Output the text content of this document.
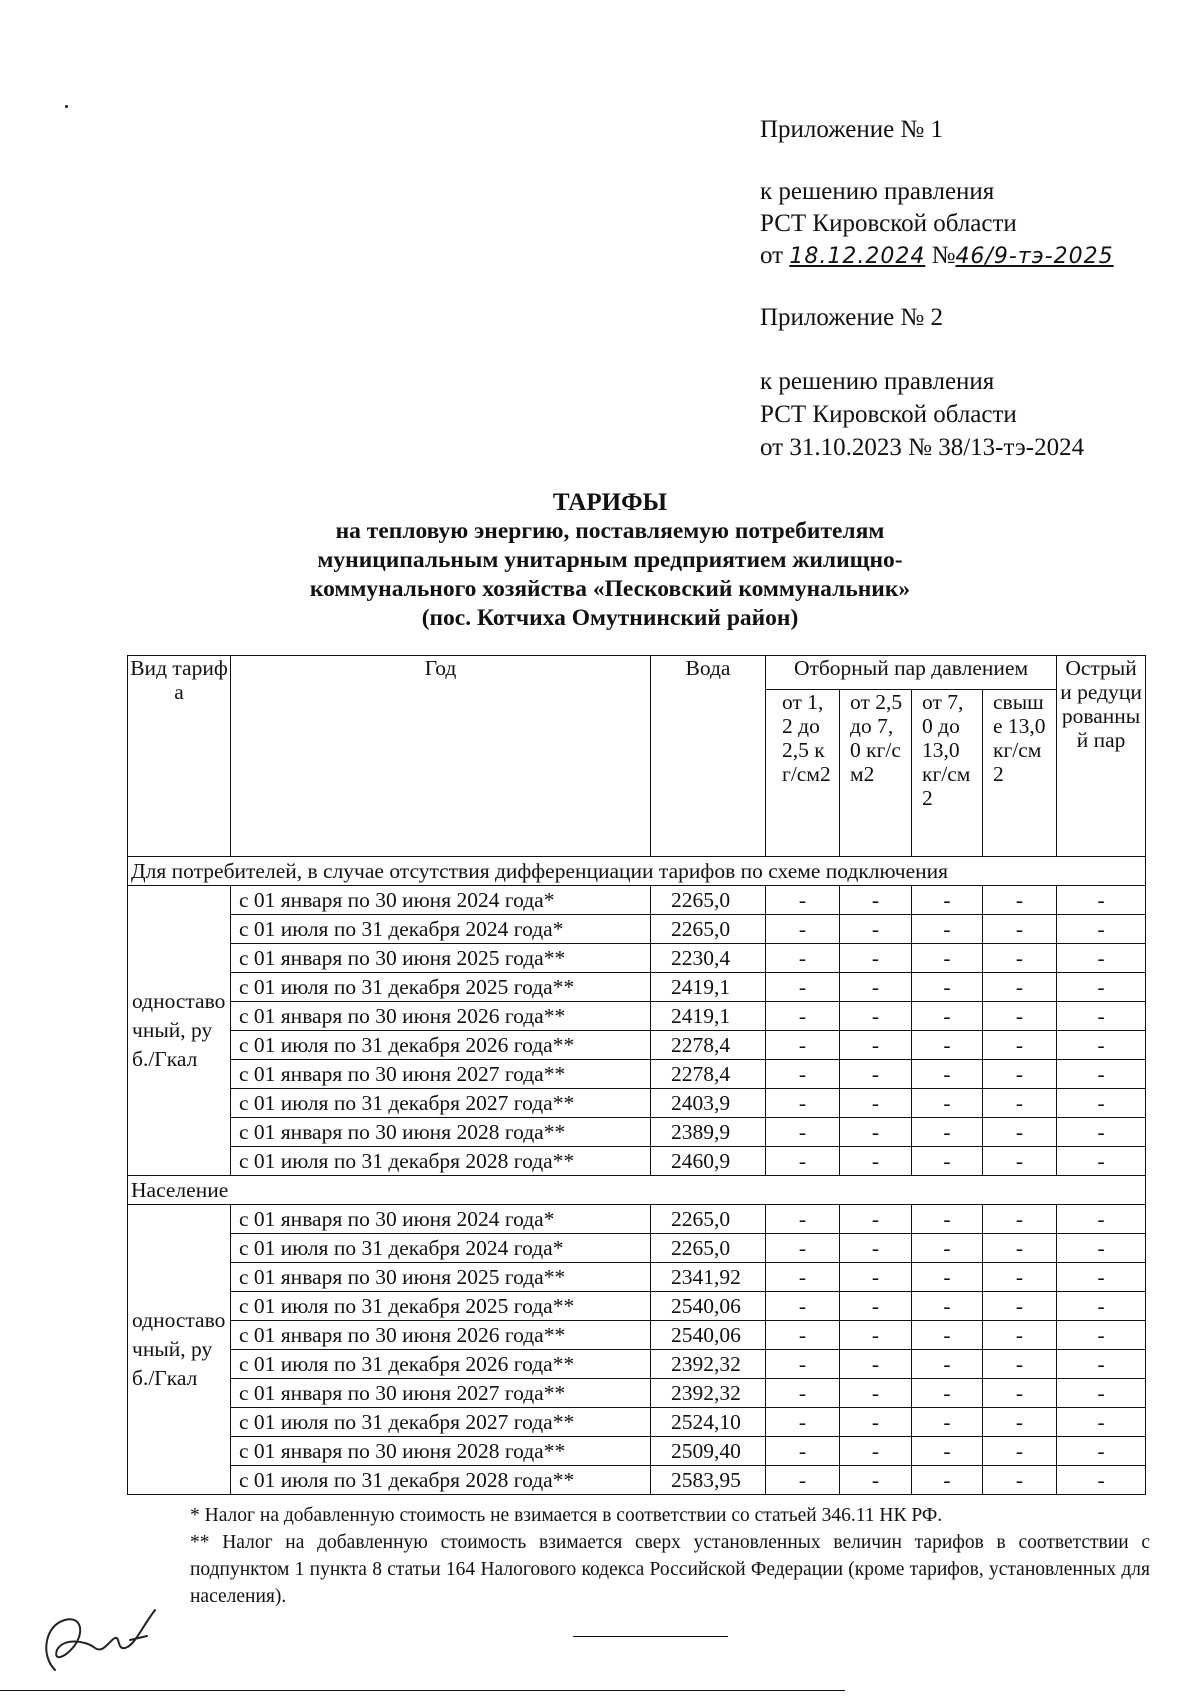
Приложение № 1
к решению правления
РСТ Кировской области
от 18.12.2024 №46/9-тэ-2025
Приложение № 2
к решению правления
РСТ Кировской области
от 31.10.2023 № 38/13-тэ-2024
ТАРИФЫ
на тепловую энергию, поставляемую потребителям
муниципальным унитарным предприятием жилищно-
коммунального хозяйства «Песковский коммунальник»
(пос. Котчиха Омутнинский район)
Вид тарифа	Год	Вода	Отборный пар давлением				Острый и редуцированный пар
			от 1,2 до 2,5 кг/см2	от 2,5 до 7,0 кг/см2	от 7,0 до 13,0 кг/см2	свыше 13,0 кг/см2	
Для потребителей, в случае отсутствия дифференциации тарифов по схеме подключения							
одноставочный, руб./Гкал	с 01 января по 30 июня 2024 года*	2265,0	-	-	-	-	-
	с 01 июля по 31 декабря 2024 года*	2265,0	-	-	-	-	-
	с 01 января по 30 июня 2025 года**	2230,4	-	-	-	-	-
	с 01 июля по 31 декабря 2025 года**	2419,1	-	-	-	-	-
	с 01 января по 30 июня 2026 года**	2419,1	-	-	-	-	-
	с 01 июля по 31 декабря 2026 года**	2278,4	-	-	-	-	-
	с 01 января по 30 июня 2027 года**	2278,4	-	-	-	-	-
	с 01 июля по 31 декабря 2027 года**	2403,9	-	-	-	-	-
	с 01 января по 30 июня 2028 года**	2389,9	-	-	-	-	-
	с 01 июля по 31 декабря 2028 года**	2460,9	-	-	-	-	-
Население							
одноставочный, руб./Гкал	с 01 января по 30 июня 2024 года*	2265,0	-	-	-	-	-
	с 01 июля по 31 декабря 2024 года*	2265,0	-	-	-	-	-
	с 01 января по 30 июня 2025 года**	2341,92	-	-	-	-	-
	с 01 июля по 31 декабря 2025 года**	2540,06	-	-	-	-	-
	с 01 января по 30 июня 2026 года**	2540,06	-	-	-	-	-
	с 01 июля по 31 декабря 2026 года**	2392,32	-	-	-	-	-
	с 01 января по 30 июня 2027 года**	2392,32	-	-	-	-	-
	с 01 июля по 31 декабря 2027 года**	2524,10	-	-	-	-	-
	с 01 января по 30 июня 2028 года**	2509,40	-	-	-	-	-
	с 01 июля по 31 декабря 2028 года**	2583,95	-	-	-	-	-

* Налог на добавленную стоимость не взимается в соответствии со статьей 346.11 НК РФ.

** Налог на добавленную стоимость взимается сверх установленных величин тарифов в соответствии с подпунктом 1 пункта 8 статьи 164 Налогового кодекса Российской Федерации (кроме тарифов, установленных для населения).
